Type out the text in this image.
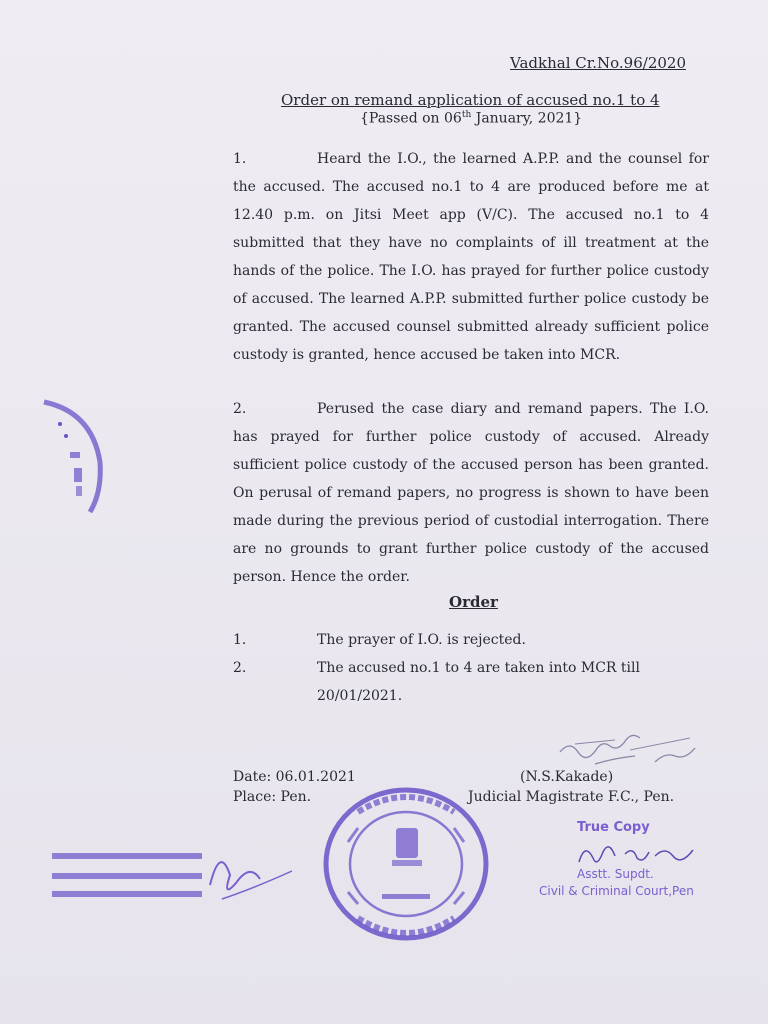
Vadkhal Cr.No.96/2020
Order on remand application of accused no.1 to 4
{Passed on 06th January, 2021}
1.	Heard the I.O., the learned A.P.P. and the counsel for the accused. The accused no.1 to 4 are produced before me at 12.40 p.m. on Jitsi Meet app (V/C). The accused no.1 to 4 submitted that they have no complaints of ill treatment at the hands of the police. The I.O. has prayed for further police custody of accused. The learned A.P.P. submitted further police custody be granted. The accused counsel submitted already sufficient police custody is granted, hence accused be taken into MCR.
2.	Perused the case diary and remand papers. The I.O. has prayed for further police custody of accused. Already sufficient police custody of the accused person has been granted. On perusal of remand papers, no progress is shown to have been made during the previous period of custodial interrogation. There are no grounds to grant further police custody of the accused person. Hence the order.
Order
1.	The prayer of I.O. is rejected.
2.	The accused no.1 to 4 are taken into MCR till
20/01/2021.
Date: 06.01.2021
Place: Pen.
(N.S.Kakade)
Judicial Magistrate F.C., Pen.
True Copy
Asstt. Supdt.
Civil & Criminal Court,Pen
